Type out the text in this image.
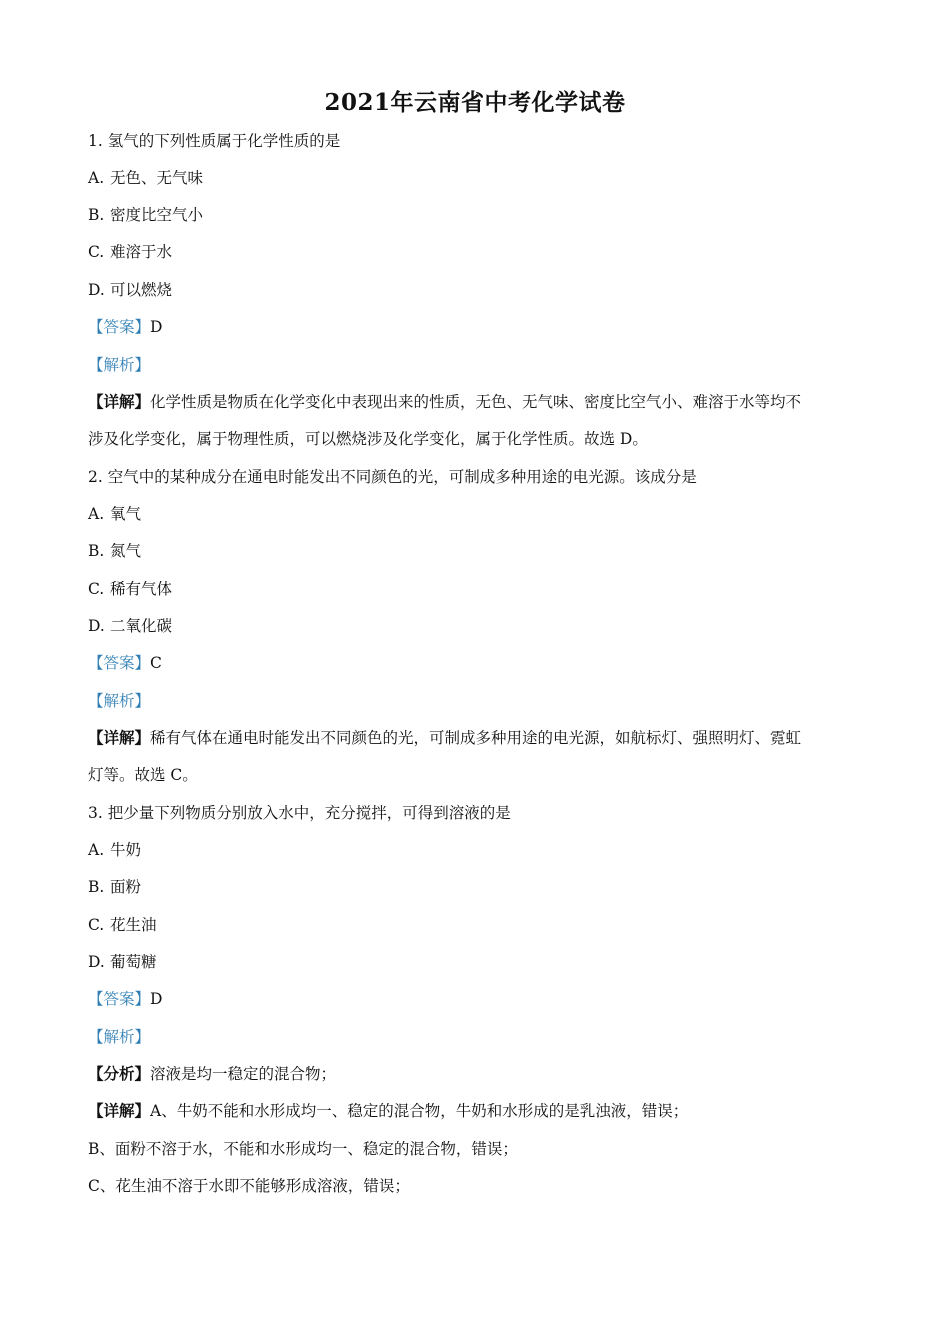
2021年云南省中考化学试卷
1. 氢气的下列性质属于化学性质的是
A. 无色、无气味
B. 密度比空气小
C. 难溶于水
D. 可以燃烧
【答案】D
【解析】
【详解】化学性质是物质在化学变化中表现出来的性质，无色、无气味、密度比空气小、难溶于水等均不
涉及化学变化，属于物理性质，可以燃烧涉及化学变化，属于化学性质。故选 D。
2. 空气中的某种成分在通电时能发出不同颜色的光，可制成多种用途的电光源。该成分是
A. 氧气
B. 氮气
C. 稀有气体
D. 二氧化碳
【答案】C
【解析】
【详解】稀有气体在通电时能发出不同颜色的光，可制成多种用途的电光源，如航标灯、强照明灯、霓虹
灯等。故选 C。
3. 把少量下列物质分别放入水中，充分搅拌，可得到溶液的是
A. 牛奶
B. 面粉
C. 花生油
D. 葡萄糖
【答案】D
【解析】
【分析】溶液是均一稳定的混合物；
【详解】A、牛奶不能和水形成均一、稳定的混合物，牛奶和水形成的是乳浊液，错误；
B、面粉不溶于水，不能和水形成均一、稳定的混合物，错误；
C、花生油不溶于水即不能够形成溶液，错误；
